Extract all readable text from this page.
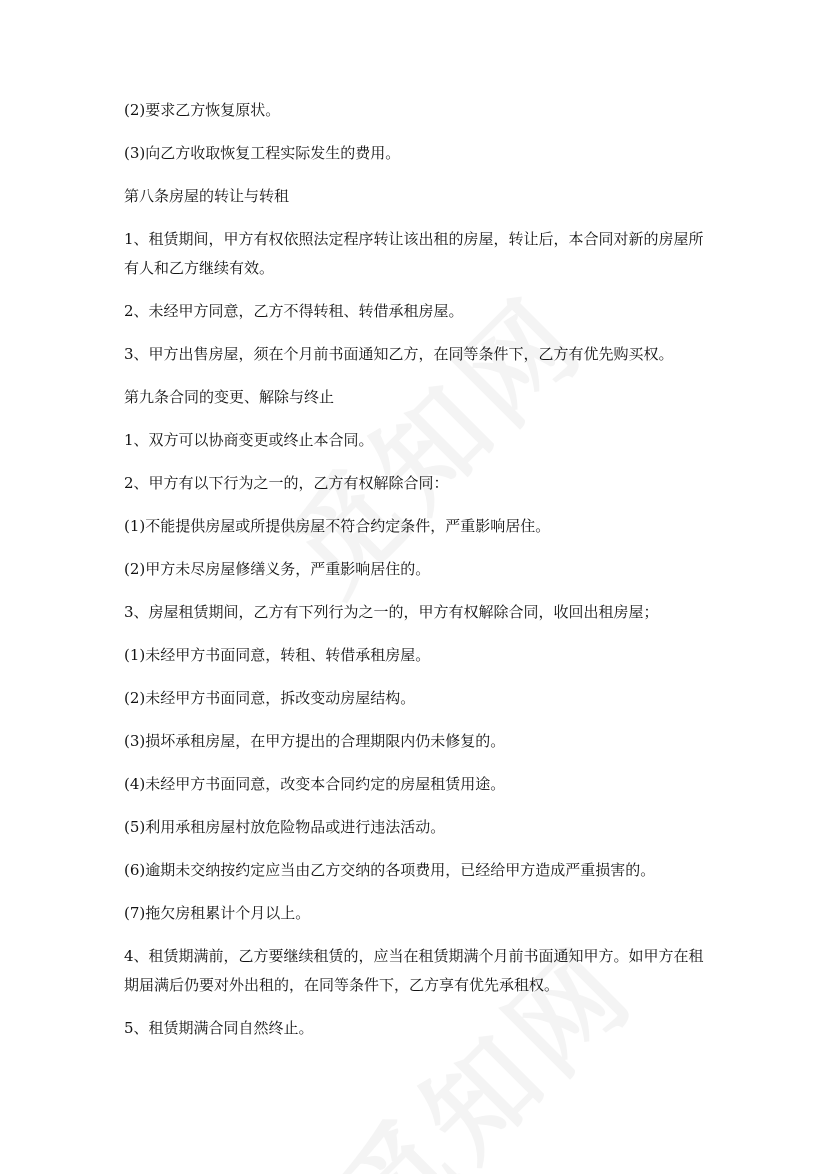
(2)要求乙方恢复原状。

(3)向乙方收取恢复工程实际发生的费用。

第八条房屋的转让与转租

1、租赁期间，甲方有权依照法定程序转让该出租的房屋，转让后，本合同对新的房屋所有人和乙方继续有效。

2、未经甲方同意，乙方不得转租、转借承租房屋。

3、甲方出售房屋，须在个月前书面通知乙方，在同等条件下，乙方有优先购买权。

第九条合同的变更、解除与终止

1、双方可以协商变更或终止本合同。

2、甲方有以下行为之一的，乙方有权解除合同：

(1)不能提供房屋或所提供房屋不符合约定条件，严重影响居住。

(2)甲方未尽房屋修缮义务，严重影响居住的。

3、房屋租赁期间，乙方有下列行为之一的，甲方有权解除合同，收回出租房屋；

(1)未经甲方书面同意，转租、转借承租房屋。

(2)未经甲方书面同意，拆改变动房屋结构。

(3)损坏承租房屋，在甲方提出的合理期限内仍未修复的。

(4)未经甲方书面同意，改变本合同约定的房屋租赁用途。

(5)利用承租房屋村放危险物品或进行违法活动。

(6)逾期未交纳按约定应当由乙方交纳的各项费用，已经给甲方造成严重损害的。

(7)拖欠房租累计个月以上。

4、租赁期满前，乙方要继续租赁的，应当在租赁期满个月前书面通知甲方。如甲方在租期届满后仍要对外出租的，在同等条件下，乙方享有优先承租权。

5、租赁期满合同自然终止。
